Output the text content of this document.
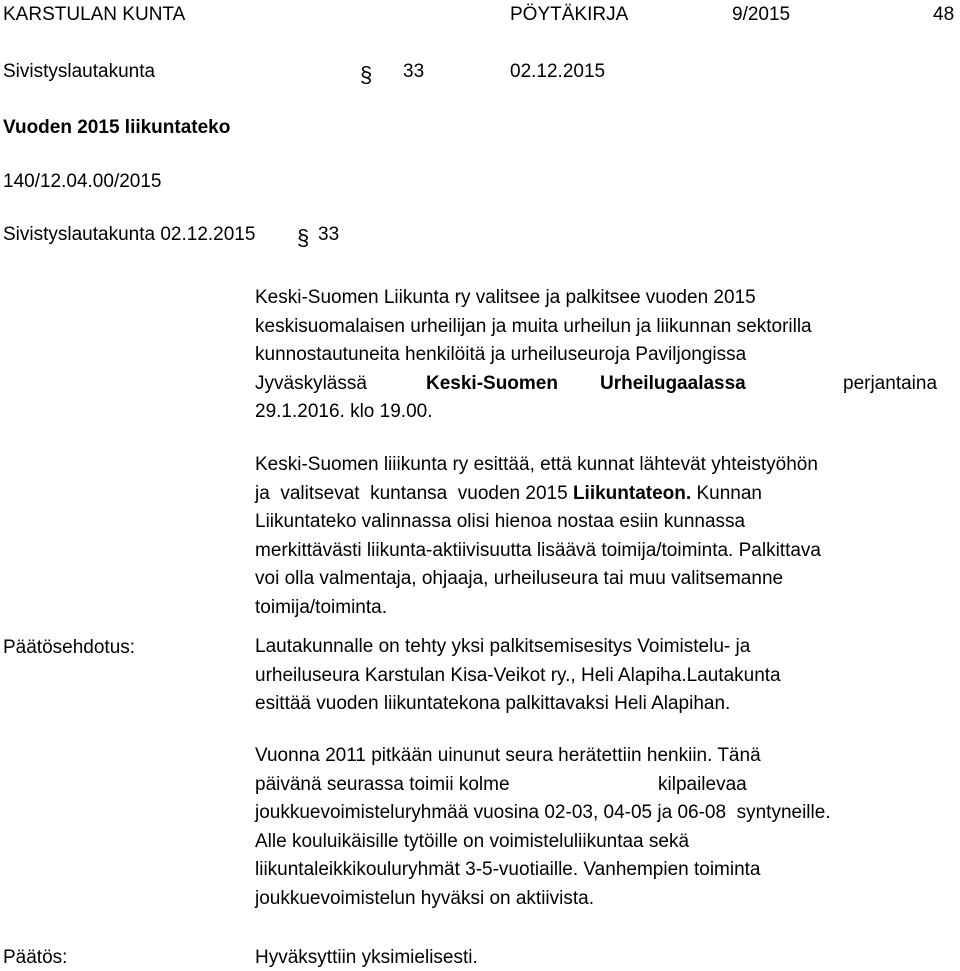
KARSTULAN KUNTA	PÖYTÄKIRJA	9/2015	48
Sivistyslautakunta	§ 33	02.12.2015
Vuoden 2015 liikuntateko
140/12.04.00/2015
Sivistyslautakunta 02.12.2015 § 33
Keski-Suomen Liikunta ry valitsee ja palkitsee vuoden 2015
keskisuomalaisen urheilijan ja muita urheilun ja liikunnan sektorilla
kunnostautuneita henkilöitä ja urheiluseuroja Paviljongissa
Jyväskylässä	Keski-Suomen Urheilugaalassa	perjantaina
29.1.2016. klo 19.00.
Keski-Suomen liiikunta ry esittää, että kunnat lähtevät yhteistyöhön
ja  valitsevat  kuntansa  vuoden 2015 Liikuntateon. Kunnan
Liikuntateko valinnassa olisi hienoa nostaa esiin kunnassa
merkittävästi liikunta-aktiivisuutta lisäävä toimija/toiminta. Palkittava
voi olla valmentaja, ohjaaja, urheiluseura tai muu valitsemanne
toimija/toiminta.
Päätösehdotus:	Lautakunnalle on tehty yksi palkitsemisesitys Voimistelu- ja
urheiluseura Karstulan Kisa-Veikot ry., Heli Alapiha.Lautakunta
esittää vuoden liikuntatekona palkittavaksi Heli Alapihan.
Vuonna 2011 pitkään uinunut seura herätettiin henkiin. Tänä
päivänä seurassa toimii kolme	kilpailevaa
joukkuevoimisteluryhmää vuosina 02-03, 04-05 ja 06-08  syntyneille.
Alle kouluikäisille tytöille on voimisteluliikuntaa sekä
liikuntaleikkikouluryhmät 3-5-vuotiaille. Vanhempien toiminta
joukkuevoimistelun hyväksi on aktiivista.
Päätös:	Hyväksyttiin yksimielisesti.
